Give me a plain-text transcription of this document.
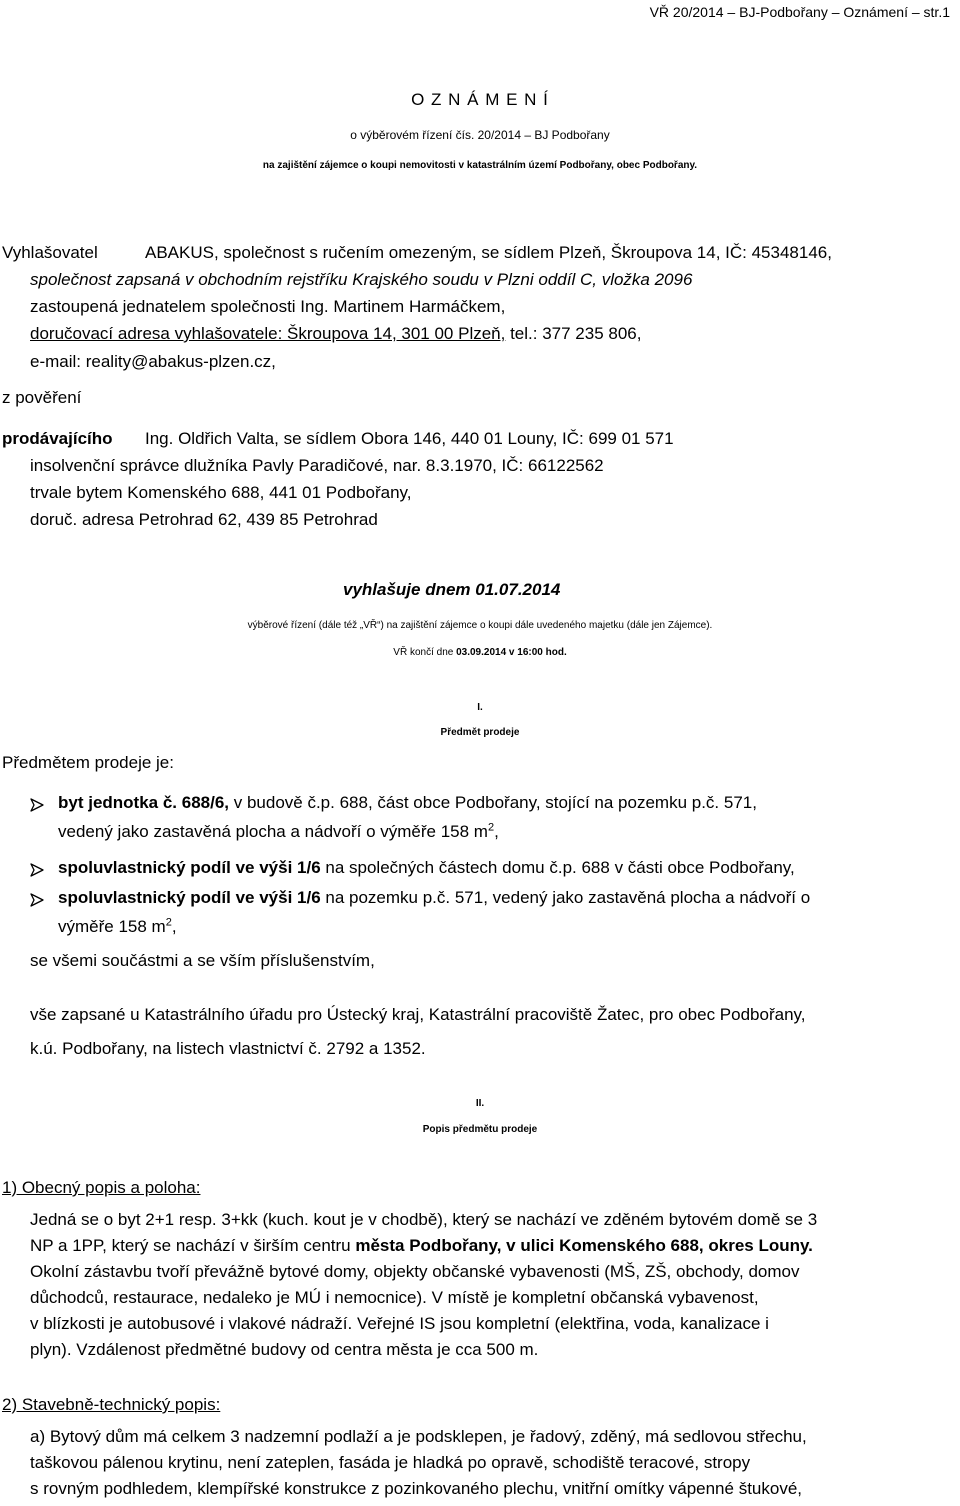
VŘ 20/2014 – BJ-Podbořany – Oznámení – str.1
O Z N Á M E N Í
o výběrovém řízení čís. 20/2014 – BJ Podbořany
na zajištění zájemce o koupi nemovitosti v katastrálním území Podbořany, obec Podbořany.
Vyhlašovatel	ABAKUS, společnost s ručením omezeným, se sídlem Plzeň, Škroupova 14, IČ: 45348146,
společnost zapsaná v obchodním rejstříku Krajského soudu v Plzni oddíl C, vložka 2096
zastoupená jednatelem společnosti Ing. Martinem Harmáčkem,
doručovací adresa vyhlašovatele: Škroupova 14, 301 00 Plzeň, tel.: 377 235 806,
e-mail: reality@abakus-plzen.cz,
z pověření
prodávajícího Ing. Oldřich Valta, se sídlem Obora 146, 440 01 Louny, IČ: 699 01 571
insolvenční správce dlužníka Pavly Paradičové, nar. 8.3.1970, IČ: 66122562
trvale bytem Komenského 688, 441 01 Podbořany,
doruč. adresa Petrohrad 62, 439 85 Petrohrad
vyhlašuje dnem 01.07.2014
výběrové řízení (dále též „VŘ“) na zajištění zájemce o koupi dále uvedeného majetku (dále jen Zájemce).
VŘ končí dne 03.09.2014 v 16:00 hod.
I.
Předmět prodeje
Předmětem prodeje je:
byt jednotka č. 688/6, v budově č.p. 688, část obce Podbořany, stojící na pozemku p.č. 571,
vedený jako zastavěná plocha a nádvoří o výměře 158 $m^2$,
spoluvlastnický podíl ve výši 1/6 na společných částech domu č.p. 688 v části obce Podbořany,
spoluvlastnický podíl ve výši 1/6 na pozemku p.č. 571, vedený jako zastavěná plocha a nádvoří o
výměře 158 $m^2$,
se všemi součástmi a se vším příslušenstvím,
vše zapsané u Katastrálního úřadu pro Ústecký kraj, Katastrální pracoviště Žatec, pro obec Podbořany,
k.ú. Podbořany, na listech vlastnictví č. 2792 a 1352.
II.
Popis předmětu prodeje
1) Obecný popis a poloha:
Jedná se o byt 2+1 resp. 3+kk (kuch. kout je v chodbě), který se nachází ve zděném bytovém domě se 3
NP a 1PP, který se nachází v širším centru města Podbořany, v ulici Komenského 688, okres Louny.
Okolní zástavbu tvoří převážně bytové domy, objekty občanské vybavenosti (MŠ, ZŠ, obchody, domov
důchodců, restaurace, nedaleko je MÚ i nemocnice). V místě je kompletní občanská vybavenost,
v blízkosti je autobusové i vlakové nádraží. Veřejné IS jsou kompletní (elektřina, voda, kanalizace i
plyn). Vzdálenost předmětné budovy od centra města je cca 500 m.
2) Stavebně-technický popis:
a) Bytový dům má celkem 3 nadzemní podlaží a je podsklepen, je řadový, zděný, má sedlovou střechu,
taškovou pálenou krytinu, není zateplen, fasáda je hladká po opravě, schodiště teracové, stropy
s rovným podhledem, klempířské konstrukce z pozinkovaného plechu, vnitřní omítky vápenné štukové,
